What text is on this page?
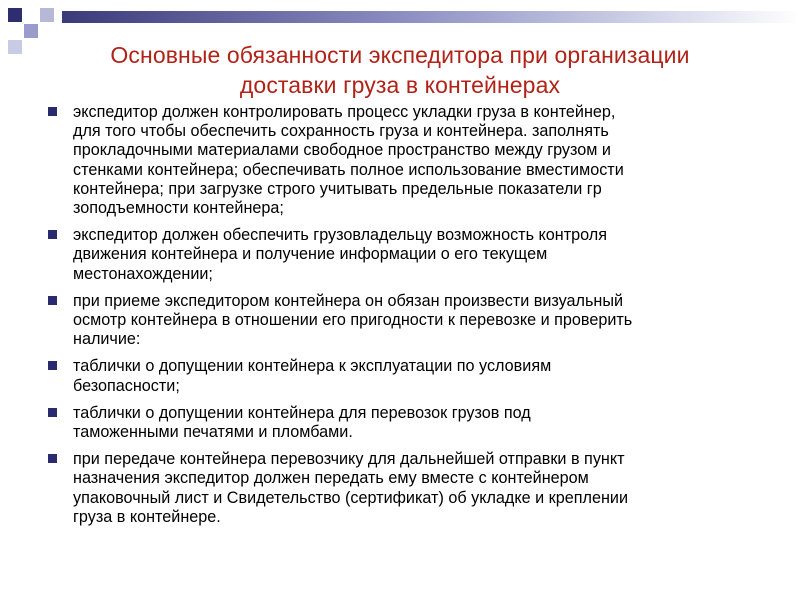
Основные обязанности экспедитора при организации
доставки груза в контейнерах
экспедитор должен контролировать процесс укладки груза в контейнер,
для того чтобы обеспечить сохранность груза и контейнера. заполнять
прокладочными материалами свободное пространство между грузом и
стенками контейнера; обеспечивать полное использование вместимости
контейнера; при загрузке строго учитывать предельные показатели гр
зоподъемности контейнера;
экспедитор должен обеспечить грузовладельцу возможность контроля
движения контейнера и получение информации о его текущем
местонахождении;
при приеме экспедитором контейнера он обязан произвести визуальный
осмотр контейнера в отношении его пригодности к перевозке и проверить
наличие:
таблички о допущении контейнера к эксплуатации по условиям
безопасности;
таблички о допущении контейнера для перевозок грузов под
таможенными печатями и пломбами.
при передаче контейнера перевозчику для дальнейшей отправки в пункт
назначения экспедитор должен передать ему вместе с контейнером
упаковочный лист и Свидетельство (сертификат) об укладке и креплении
груза в контейнере.
